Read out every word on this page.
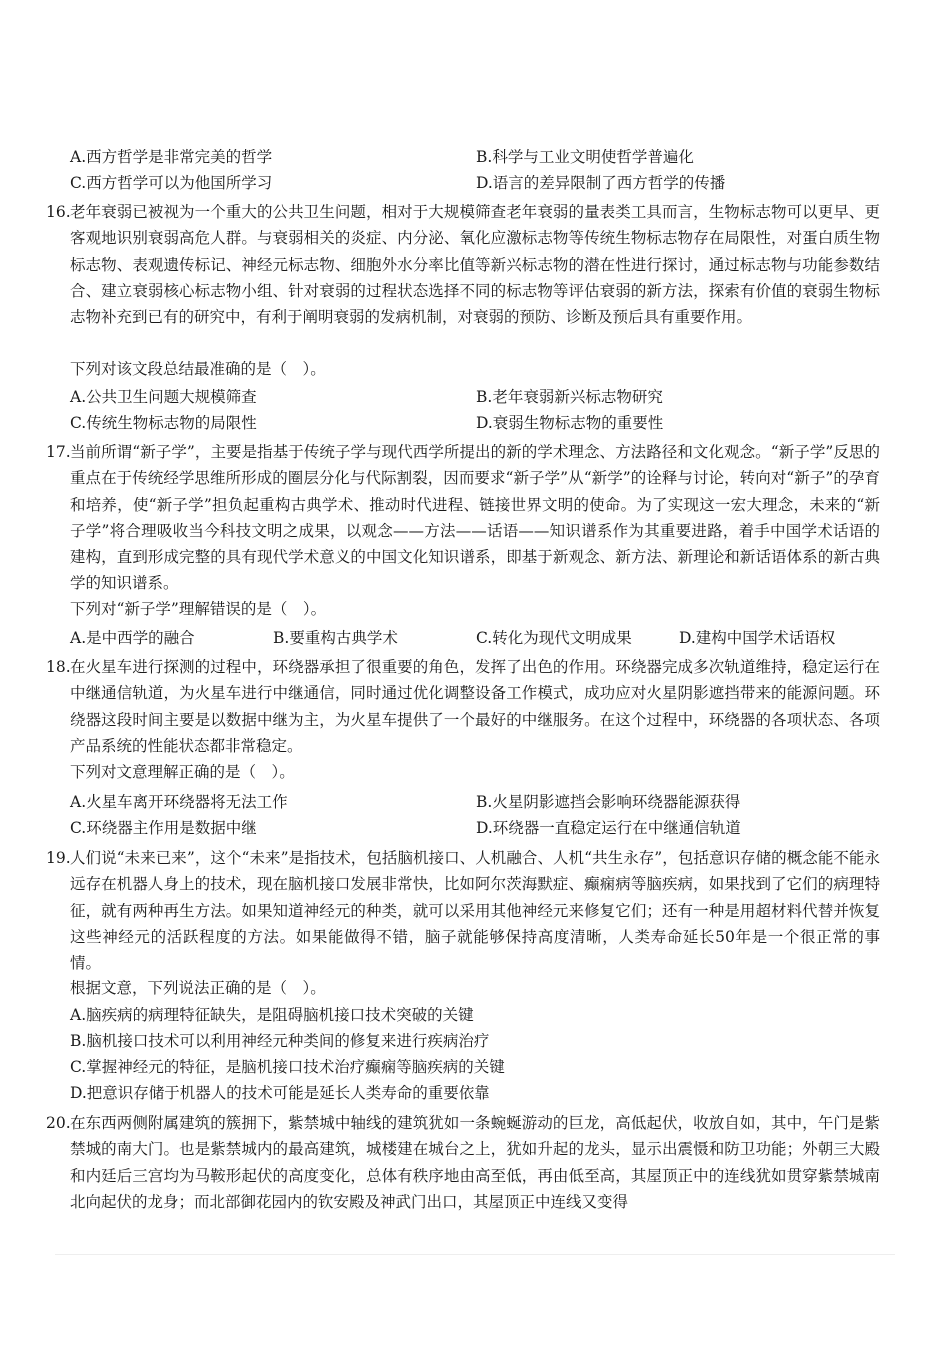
A.西方哲学是非常完美的哲学	B.科学与工业文明使哲学普遍化
C.西方哲学可以为他国所学习	D.语言的差异限制了西方哲学的传播
16. 老年衰弱已被视为一个重大的公共卫生问题，相对于大规模筛查老年衰弱的量表类工具而言，生物标志物可以更早、更客观地识别衰弱高危人群。与衰弱相关的炎症、内分泌、氧化应激标志物等传统生物标志物存在局限性，对蛋白质生物标志物、表观遗传标记、神经元标志物、细胞外水分率比值等新兴标志物的潜在性进行探讨，通过标志物与功能参数结合、建立衰弱核心标志物小组、针对衰弱的过程状态选择不同的标志物等评估衰弱的新方法，探索有价值的衰弱生物标志物补充到已有的研究中，有利于阐明衰弱的发病机制，对衰弱的预防、诊断及预后具有重要作用。
下列对该文段总结最准确的是（　）。
A.公共卫生问题大规模筛查	B.老年衰弱新兴标志物研究
C.传统生物标志物的局限性	D.衰弱生物标志物的重要性
17. 当前所谓“新子学”，主要是指基于传统子学与现代西学所提出的新的学术理念、方法路径和文化观念。“新子学”反思的重点在于传统经学思维所形成的圈层分化与代际割裂，因而要求“新子学”从“新学”的诠释与讨论，转向对“新子”的孕育和培养，使“新子学”担负起重构古典学术、推动时代进程、链接世界文明的使命。为了实现这一宏大理念，未来的“新子学”将合理吸收当今科技文明之成果，以观念——方法——话语——知识谱系作为其重要进路，着手中国学术话语的建构，直到形成完整的具有现代学术意义的中国文化知识谱系，即基于新观念、新方法、新理论和新话语体系的新古典学的知识谱系。
下列对“新子学”理解错误的是（　）。
A.是中西学的融合	B.要重构古典学术	C.转化为现代文明成果	D.建构中国学术话语权
18. 在火星车进行探测的过程中，环绕器承担了很重要的角色，发挥了出色的作用。环绕器完成多次轨道维持，稳定运行在中继通信轨道，为火星车进行中继通信，同时通过优化调整设备工作模式，成功应对火星阴影遮挡带来的能源问题。环绕器这段时间主要是以数据中继为主，为火星车提供了一个最好的中继服务。在这个过程中，环绕器的各项状态、各项产品系统的性能状态都非常稳定。
下列对文意理解正确的是（　）。
A.火星车离开环绕器将无法工作	B.火星阴影遮挡会影响环绕器能源获得
C.环绕器主作用是数据中继	D.环绕器一直稳定运行在中继通信轨道
19. 人们说“未来已来”，这个“未来”是指技术，包括脑机接口、人机融合、人机“共生永存”，包括意识存储的概念能不能永远存在机器人身上的技术，现在脑机接口发展非常快，比如阿尔茨海默症、癫痫病等脑疾病，如果找到了它们的病理特征，就有两种再生方法。如果知道神经元的种类，就可以采用其他神经元来修复它们；还有一种是用超材料代替并恢复这些神经元的活跃程度的方法。如果能做得不错，脑子就能够保持高度清晰，人类寿命延长50年是一个很正常的事情。
根据文意，下列说法正确的是（　）。
A.脑疾病的病理特征缺失，是阻碍脑机接口技术突破的关键
B.脑机接口技术可以利用神经元种类间的修复来进行疾病治疗
C.掌握神经元的特征，是脑机接口技术治疗癫痫等脑疾病的关键
D.把意识存储于机器人的技术可能是延长人类寿命的重要依靠
20. 在东西两侧附属建筑的簇拥下，紫禁城中轴线的建筑犹如一条蜿蜒游动的巨龙，高低起伏，收放自如，其中，午门是紫禁城的南大门。也是紫禁城内的最高建筑，城楼建在城台之上，犹如升起的龙头，显示出震慑和防卫功能；外朝三大殿和内廷后三宫均为马鞍形起伏的高度变化，总体有秩序地由高至低，再由低至高，其屋顶正中的连线犹如贯穿紫禁城南北向起伏的龙身；而北部御花园内的钦安殿及神武门出口，其屋顶正中连线又变得
